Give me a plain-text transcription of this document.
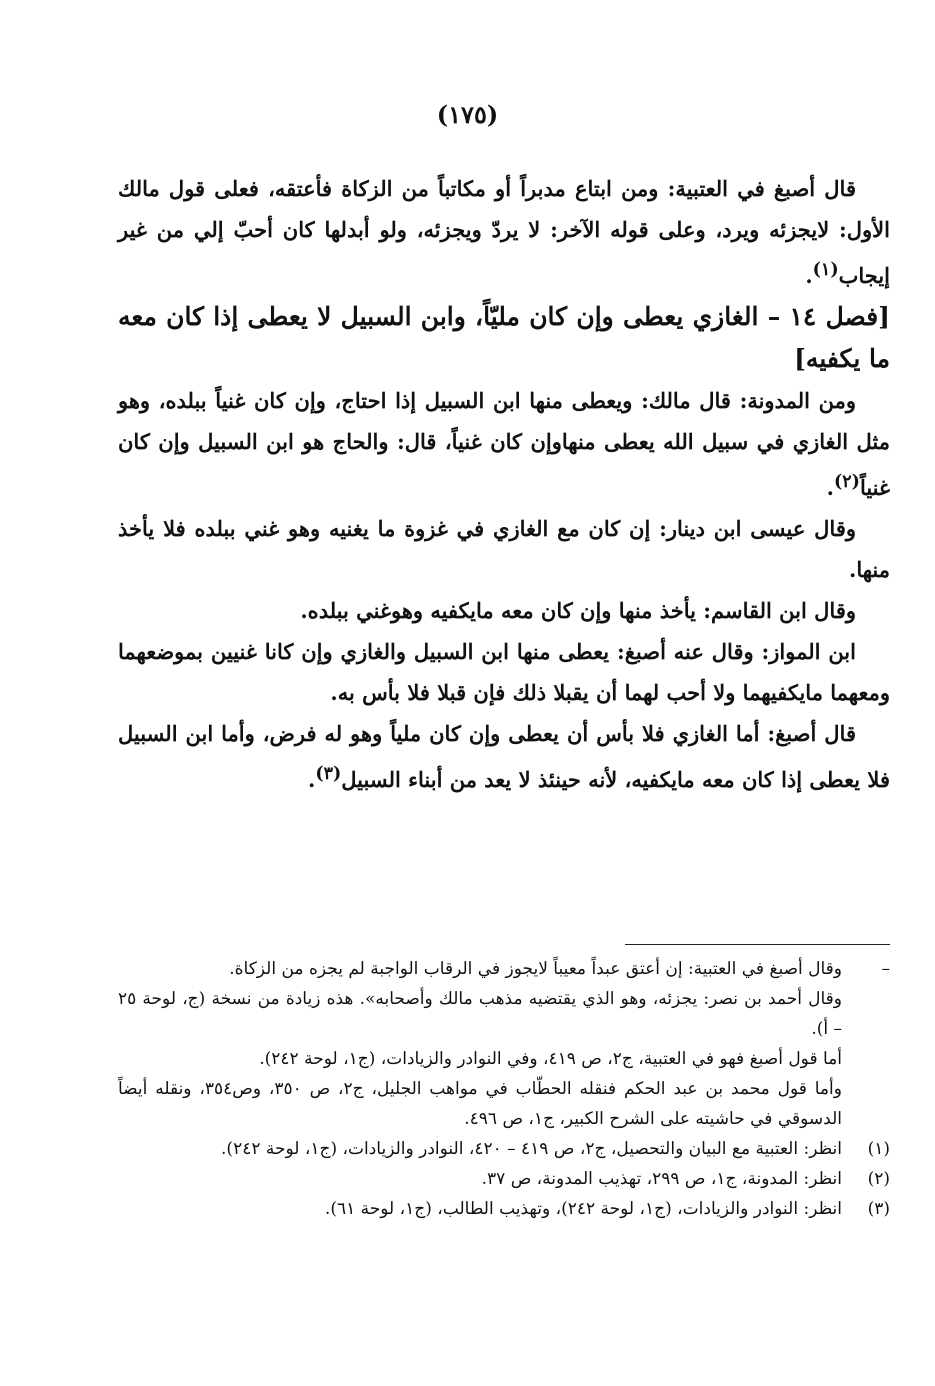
(١٧٥)

قال أصبغ في العتبية: ومن ابتاع مدبراً أو مكاتباً من الزكاة فأعتقه، فعلى قول مالك الأول: لايجزئه ويرد، وعلى قوله الآخر: لا يردّ ويجزئه، ولو أبدلها كان أحبّ إلي من غير إيجاب$^{(١)}$.

[فصل ١٤ – الغازي يعطى وإن كان مليّاً، وابن السبيل لا يعطى إذا كان معه ما يكفيه]

ومن المدونة: قال مالك: ويعطى منها ابن السبيل إذا احتاج، وإن كان غنياً ببلده، وهو مثل الغازي في سبيل الله يعطى منهاوإن كان غنياً، قال: والحاج هو ابن السبيل وإن كان غنياً$^{(٢)}$.

وقال عيسى ابن دينار: إن كان مع الغازي في غزوة ما يغنيه وهو غني ببلده فلا يأخذ منها.

وقال ابن القاسم: يأخذ منها وإن كان معه مايكفيه وهوغني ببلده.

ابن المواز: وقال عنه أصبغ: يعطى منها ابن السبيل والغازي وإن كانا غنيين بموضعهما ومعهما مايكفيهما ولا أحب لهما أن يقبلا ذلك فإن قبلا فلا بأس به.

قال أصبغ: أما الغازي فلا بأس أن يعطى وإن كان ملياً وهو له فرض، وأما ابن السبيل فلا يعطى إذا كان معه مايكفيه، لأنه حينئذ لا يعد من أبناء السبيل$^{(٣)}$.

–
وقال أصبغ في العتبية: إن أعتق عبداً معيباً لايجوز في الرقاب الواجبة لم يجزه من الزكاة.
وقال أحمد بن نصر: يجزئه، وهو الذي يقتضيه مذهب مالك وأصحابه». هذه زيادة من نسخة (ج، لوحة ٢٥ – أ).
أما قول أصبغ فهو في العتبية، ج٢، ص ٤١٩، وفي النوادر والزيادات، (ج١، لوحة ٢٤٢).
وأما قول محمد بن عبد الحكم فنقله الحطّاب في مواهب الجليل، ج٢، ص ٣٥٠، وص٣٥٤، ونقله أيضاً الدسوقي في حاشيته على الشرح الكبير، ج١، ص ٤٩٦.
(١)
انظر: العتبية مع البيان والتحصيل، ج٢، ص ٤١٩ – ٤٢٠، النوادر والزيادات، (ج١، لوحة ٢٤٢).
(٢)
انظر: المدونة، ج١، ص ٢٩٩، تهذيب المدونة، ص ٣٧.
(٣)
انظر: النوادر والزيادات، (ج١، لوحة ٢٤٢)، وتهذيب الطالب، (ج١، لوحة ٦١).
